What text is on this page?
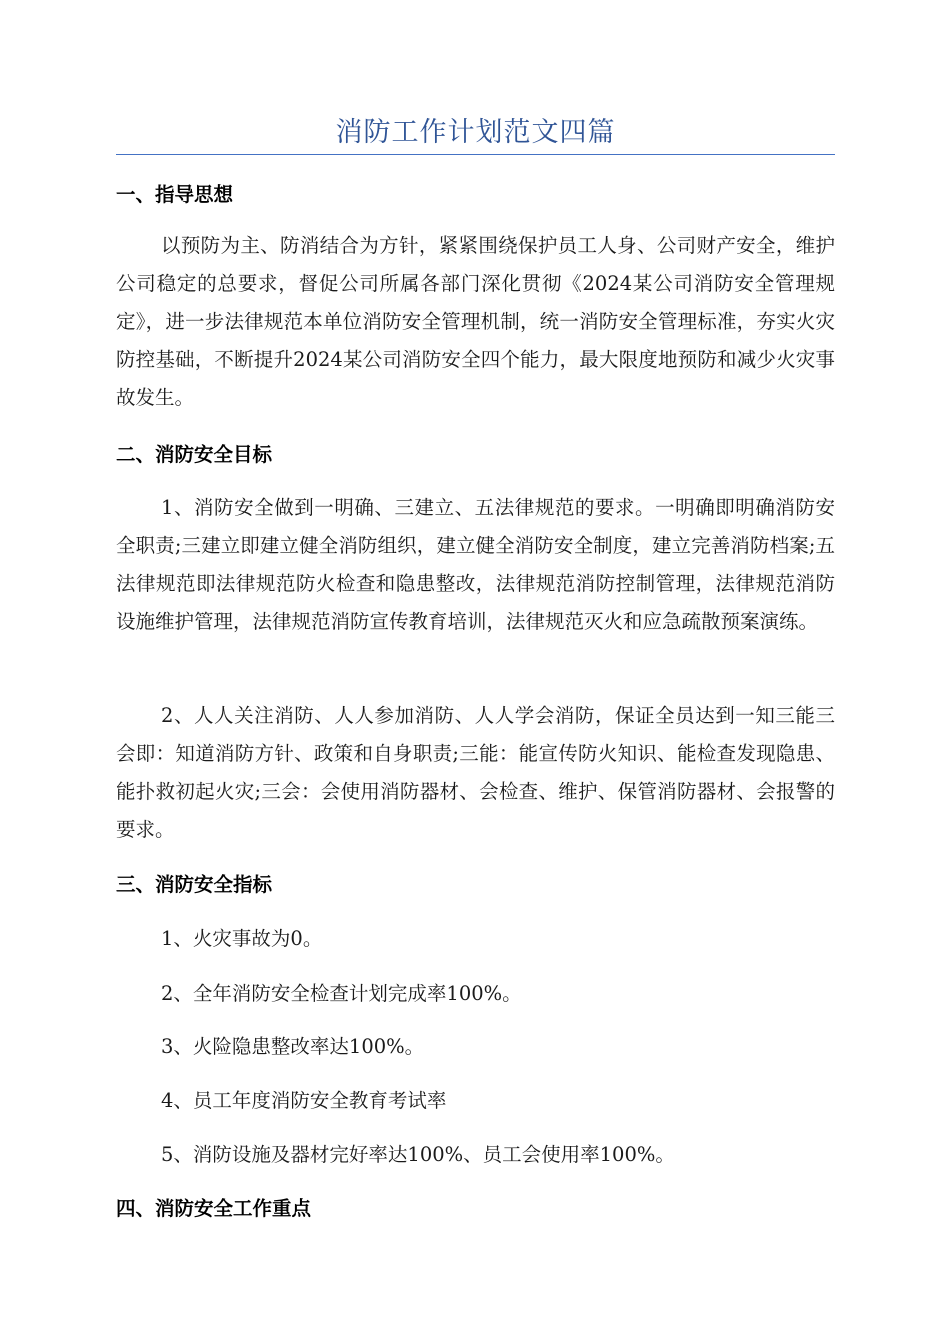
消防工作计划范文四篇
一、指导思想
以预防为主、防消结合为方针，紧紧围绕保护员工人身、公司财产安全，维护公司稳定的总要求，督促公司所属各部门深化贯彻《2024某公司消防安全管理规定》，进一步法律规范本单位消防安全管理机制，统一消防安全管理标准，夯实火灾防控基础，不断提升2024某公司消防安全四个能力，最大限度地预防和减少火灾事故发生。
二、消防安全目标
1、消防安全做到一明确、三建立、五法律规范的要求。一明确即明确消防安全职责;三建立即建立健全消防组织，建立健全消防安全制度，建立完善消防档案;五法律规范即法律规范防火检查和隐患整改，法律规范消防控制管理，法律规范消防设施维护管理，法律规范消防宣传教育培训，法律规范灭火和应急疏散预案演练。
2、人人关注消防、人人参加消防、人人学会消防，保证全员达到一知三能三会即：知道消防方针、政策和自身职责;三能：能宣传防火知识、能检查发现隐患、能扑救初起火灾;三会：会使用消防器材、会检查、维护、保管消防器材、会报警的要求。
三、消防安全指标
1、火灾事故为0。
2、全年消防安全检查计划完成率100%。
3、火险隐患整改率达100%。
4、员工年度消防安全教育考试率
5、消防设施及器材完好率达100%、员工会使用率100%。
四、消防安全工作重点
